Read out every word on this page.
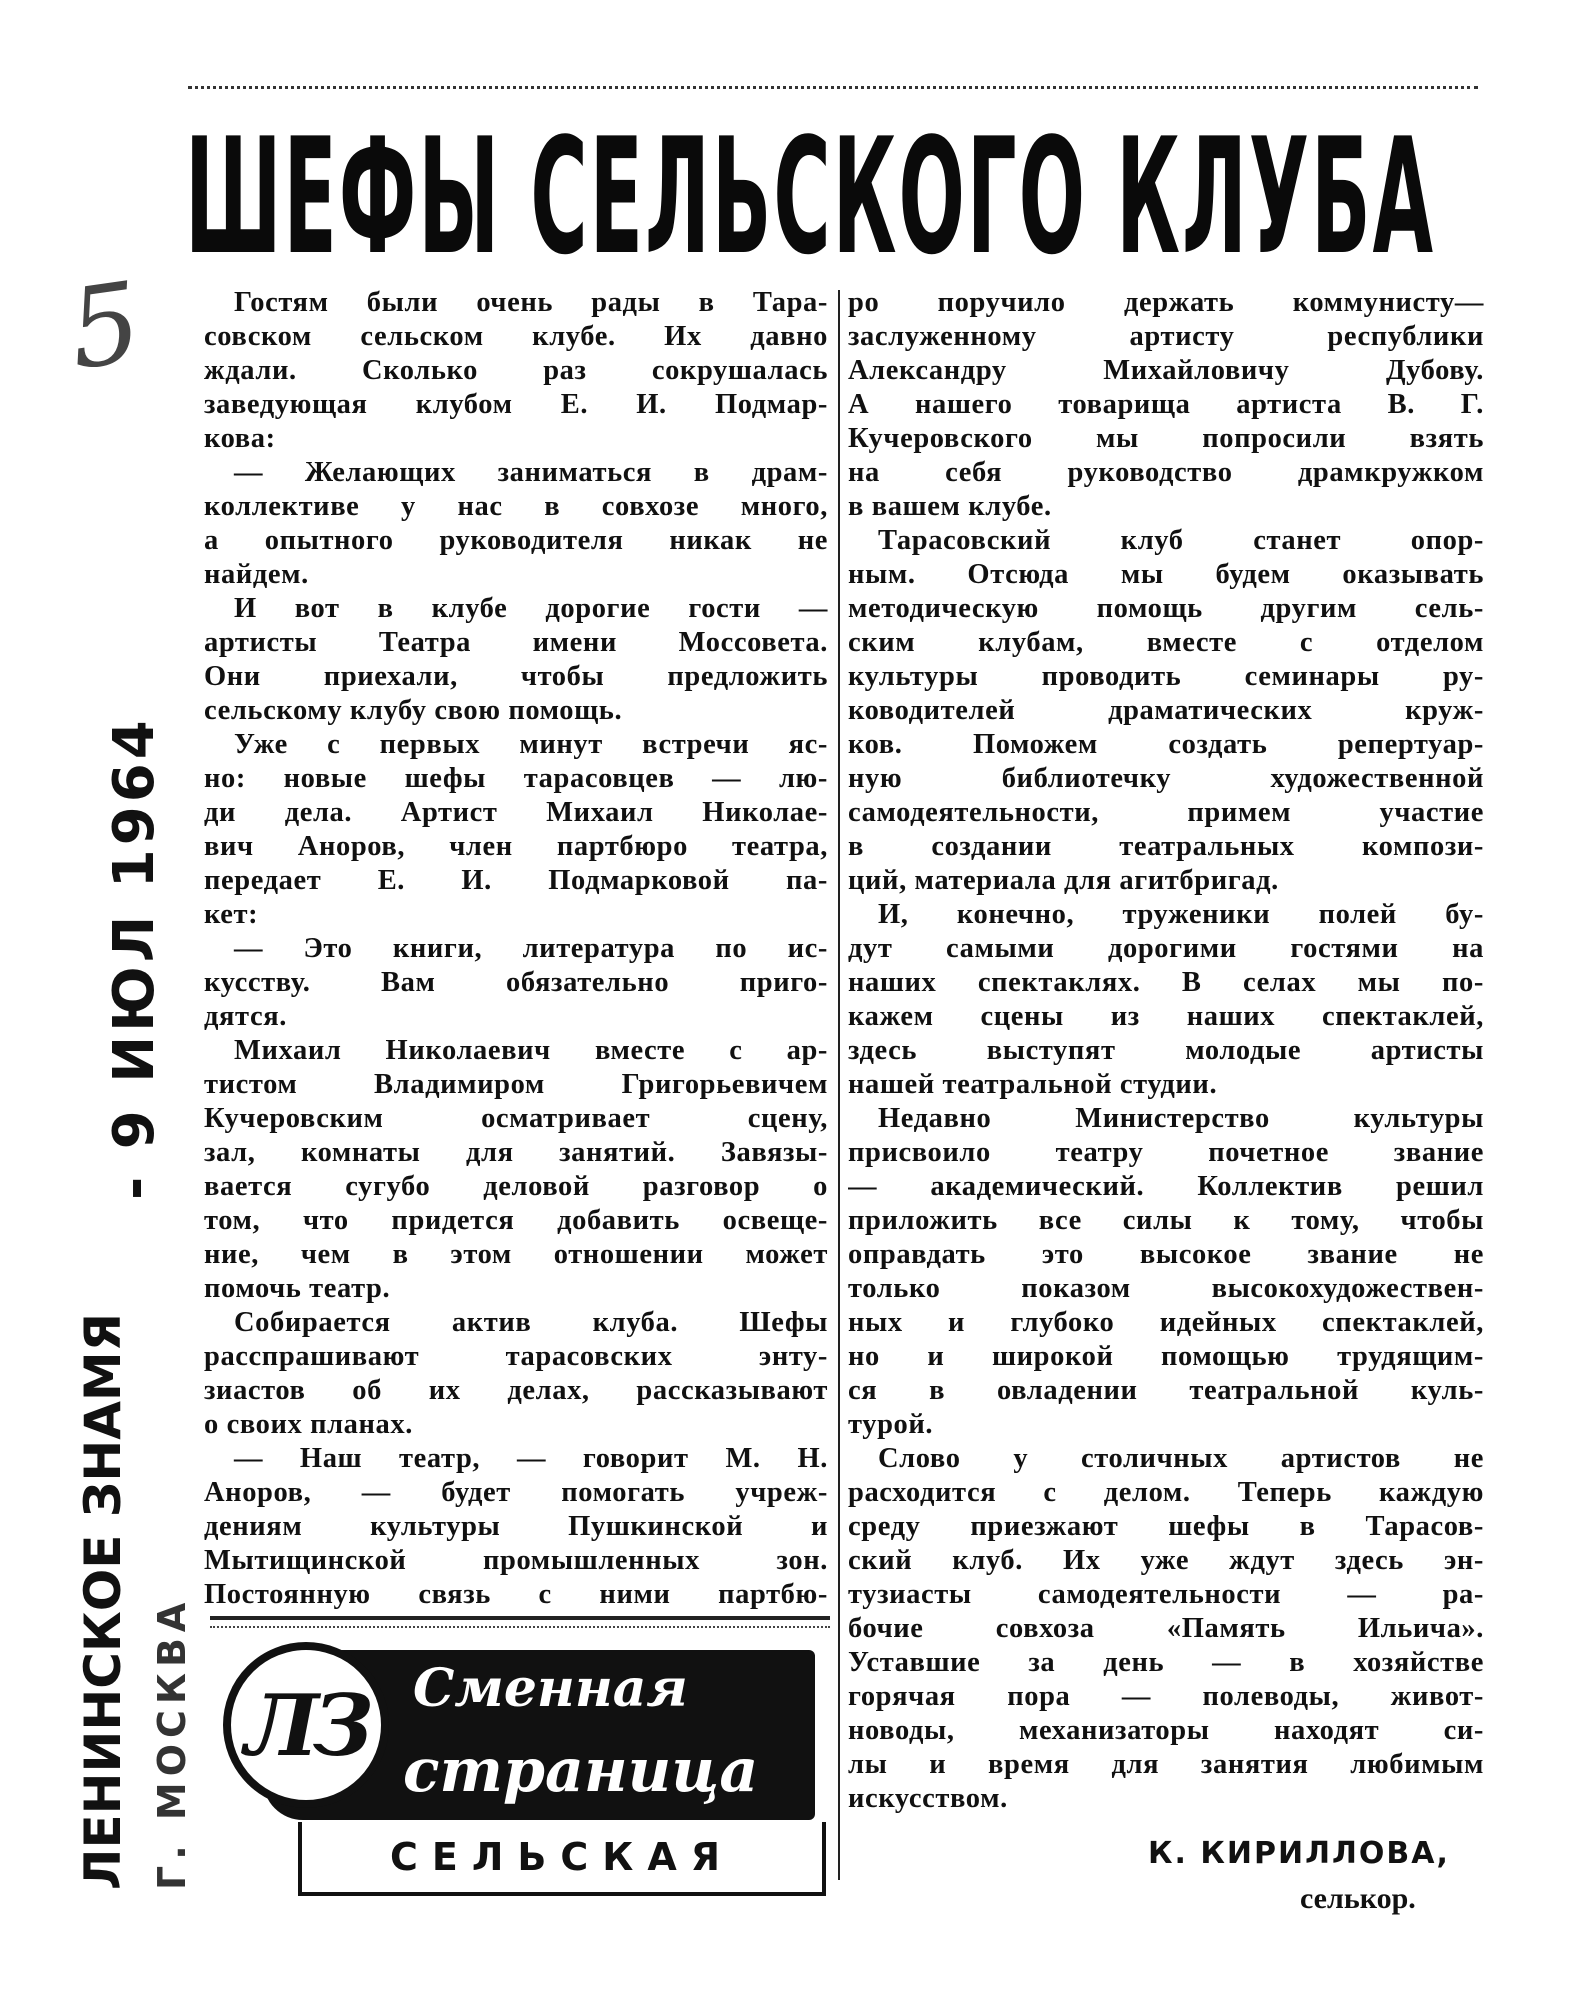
5
ШЕФЫ СЕЛЬСКОГО КЛУБА
Гостям были очень рады в Тара-
совском сельском клубе. Их давно
ждали. Сколько раз сокрушалась
заведующая клубом Е. И. Подмар-
кова:
— Желающих заниматься в драм-
коллективе у нас в совхозе много,
а опытного руководителя никак не
найдем.
И вот в клубе дорогие гости —
артисты Театра имени Моссовета.
Они приехали, чтобы предложить
сельскому клубу свою помощь.
Уже с первых минут встречи яс-
но: новые шефы тарасовцев — лю-
ди дела. Артист Михаил Николае-
вич Аноров, член партбюро театра,
передает Е. И. Подмарковой па-
кет:
— Это книги, литература по ис-
кусству. Вам обязательно приго-
дятся.
Михаил Николаевич вместе с ар-
тистом Владимиром Григорьевичем
Кучеровским осматривает сцену,
зал, комнаты для занятий. Завязы-
вается сугубо деловой разговор о
том, что придется добавить освеще-
ние, чем в этом отношении может
помочь театр.
Собирается актив клуба. Шефы
расспрашивают тарасовских энту-
зиастов об их делах, рассказывают
о своих планах.
— Наш театр, — говорит М. Н.
Аноров, — будет помогать учреж-
дениям культуры Пушкинской и
Мытищинской промышленных зон.
Постоянную связь с ними партбю-
ро поручило держать коммунисту—
заслуженному артисту республики
Александру Михайловичу Дубову.
А нашего товарища артиста В. Г.
Кучеровского мы попросили взять
на себя руководство драмкружком
в вашем клубе.
Тарасовский клуб станет опор-
ным. Отсюда мы будем оказывать
методическую помощь другим сель-
ским клубам, вместе с отделом
культуры проводить семинары ру-
ководителей драматических круж-
ков. Поможем создать репертуар-
ную библиотечку художественной
самодеятельности, примем участие
в создании театральных компози-
ций, материала для агитбригад.
И, конечно, труженики полей бу-
дут самыми дорогими гостями на
наших спектаклях. В селах мы по-
кажем сцены из наших спектаклей,
здесь выступят молодые артисты
нашей театральной студии.
Недавно Министерство культуры
присвоило театру почетное звание
— академический. Коллектив решил
приложить все силы к тому, чтобы
оправдать это высокое звание не
только показом высокохудожествен-
ных и глубоко идейных спектаклей,
но и широкой помощью трудящим-
ся в овладении театральной куль-
турой.
Слово у столичных артистов не
расходится с делом. Теперь каждую
среду приезжают шефы в Тарасов-
ский клуб. Их уже ждут здесь эн-
тузиасты самодеятельности — ра-
бочие совхоза «Память Ильича».
Уставшие за день — в хозяйстве
горячая пора — полеводы, живот-
новоды, механизаторы находят си-
лы и время для занятия любимым
искусством.
ЛЕНИНСКОЕ ЗНАМЯ Г. МОСКВА
- 9 ИЮЛ 1964
Сменная
страница
ЛЗ
СЕЛЬСКАЯ	К. КИРИЛЛОВА,
селькор.
